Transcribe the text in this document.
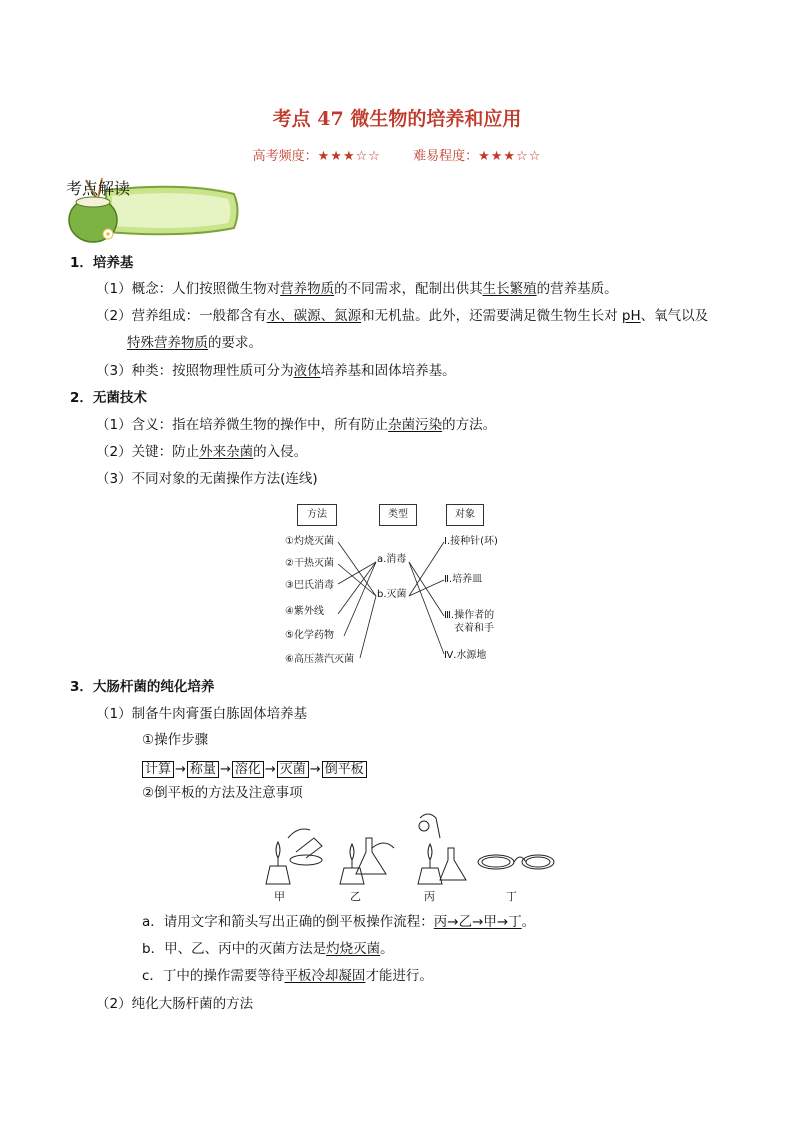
考点 47 微生物的培养和应用
高考频度：★★★☆☆ 难易程度：★★★☆☆
考点解读
1．培养基
（1）概念：人们按照微生物对营养物质的不同需求，配制出供其生长繁殖的营养基质。
（2）营养组成：一般都含有水、碳源、氮源和无机盐。此外，还需要满足微生物生长对 pH、氧气以及
特殊营养物质的要求。
（3）种类：按照物理性质可分为液体培养基和固体培养基。
2．无菌技术
（1）含义：指在培养微生物的操作中，所有防止杂菌污染的方法。
（2）关键：防止外来杂菌的入侵。
（3）不同对象的无菌操作方法(连线)
方法	类型	对象
①灼烧灭菌
②干热灭菌
③巴氏消毒
④紫外线
⑤化学药物
⑥高压蒸汽灭菌
a.消毒
b.灭菌
Ⅰ.接种针(环)
Ⅱ.培养皿
Ⅲ.操作者的
衣着和手
Ⅳ.水源地
3．大肠杆菌的纯化培养
（1）制备牛肉膏蛋白胨固体培养基
①操作步骤
计算 → 称量 → 溶化 → 灭菌 → 倒平板
②倒平板的方法及注意事项
甲	乙	丙	丁
a．请用文字和箭头写出正确的倒平板操作流程：丙→乙→甲→丁。
b．甲、乙、丙中的灭菌方法是灼烧灭菌。
c．丁中的操作需要等待平板冷却凝固才能进行。
（2）纯化大肠杆菌的方法
